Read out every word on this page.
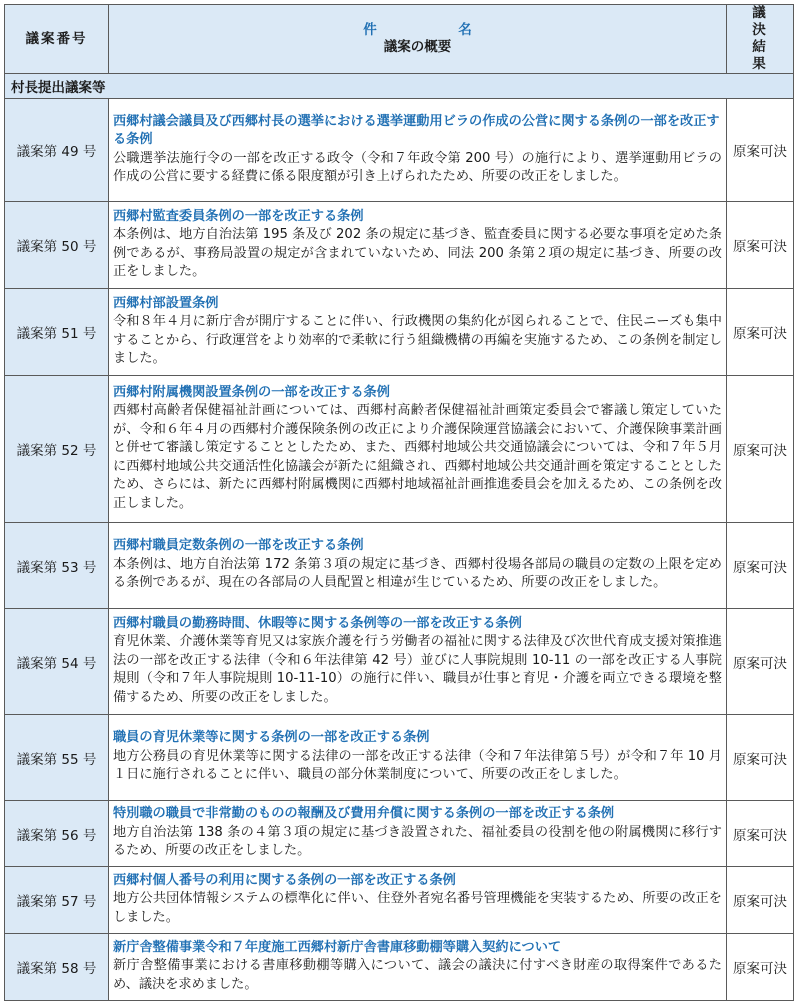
議案番号	件　名
議案の概要	議　決
結　果

村長提出議案等		
議案第 49 号	西郷村議会議員及び西郷村長の選挙における選挙運動用ビラの作成の公営に関する条例の一部を改正する条例
公職選挙法施行令の一部を改正する政令（令和７年政令第 200 号）の施行により、選挙運動用ビラの作成の公営に要する経費に係る限度額が引き上げられたため、所要の改正をしました。	原案可決
議案第 50 号	西郷村監査委員条例の一部を改正する条例
本条例は、地方自治法第 195 条及び 202 条の規定に基づき、監査委員に関する必要な事項を定めた条例であるが、事務局設置の規定が含まれていないため、同法 200 条第２項の規定に基づき、所要の改正をしました。	原案可決
議案第 51 号	西郷村部設置条例
令和８年４月に新庁舎が開庁することに伴い、行政機関の集約化が図られることで、住民ニーズも集中することから、行政運営をより効率的で柔軟に行う組織機構の再編を実施するため、この条例を制定しました。	原案可決
議案第 52 号	西郷村附属機関設置条例の一部を改正する条例
西郷村高齢者保健福祉計画については、西郷村高齢者保健福祉計画策定委員会で審議し策定していたが、令和６年４月の西郷村介護保険条例の改正により介護保険運営協議会において、介護保険事業計画と併せて審議し策定することとしたため、また、西郷村地域公共交通協議会については、令和７年５月に西郷村地域公共交通活性化協議会が新たに組織され、西郷村地域公共交通計画を策定することとしたため、さらには、新たに西郷村附属機関に西郷村地域福祉計画推進委員会を加えるため、この条例を改正しました。	原案可決
議案第 53 号	西郷村職員定数条例の一部を改正する条例
本条例は、地方自治法第 172 条第３項の規定に基づき、西郷村役場各部局の職員の定数の上限を定める条例であるが、現在の各部局の人員配置と相違が生じているため、所要の改正をしました。	原案可決
議案第 54 号	西郷村職員の勤務時間、休暇等に関する条例等の一部を改正する条例
育児休業、介護休業等育児又は家族介護を行う労働者の福祉に関する法律及び次世代育成支援対策推進法の一部を改正する法律（令和６年法律第 42 号）並びに人事院規則 10-11 の一部を改正する人事院規則（令和７年人事院規則 10-11-10）の施行に伴い、職員が仕事と育児・介護を両立できる環境を整備するため、所要の改正をしました。	原案可決
議案第 55 号	職員の育児休業等に関する条例の一部を改正する条例
地方公務員の育児休業等に関する法律の一部を改正する法律（令和７年法律第５号）が令和７年 10 月１日に施行されることに伴い、職員の部分休業制度について、所要の改正をしました。	原案可決
議案第 56 号	特別職の職員で非常勤のものの報酬及び費用弁償に関する条例の一部を改正する条例
地方自治法第 138 条の４第３項の規定に基づき設置された、福祉委員の役割を他の附属機関に移行するため、所要の改正をしました。	原案可決
議案第 57 号	西郷村個人番号の利用に関する条例の一部を改正する条例
地方公共団体情報システムの標準化に伴い、住登外者宛名番号管理機能を実装するため、所要の改正をしました。	原案可決
議案第 58 号	新庁舎整備事業令和７年度施工西郷村新庁舎書庫移動棚等購入契約について
新庁舎整備事業における書庫移動棚等購入について、議会の議決に付すべき財産の取得案件であるため、議決を求めました。	原案可決
